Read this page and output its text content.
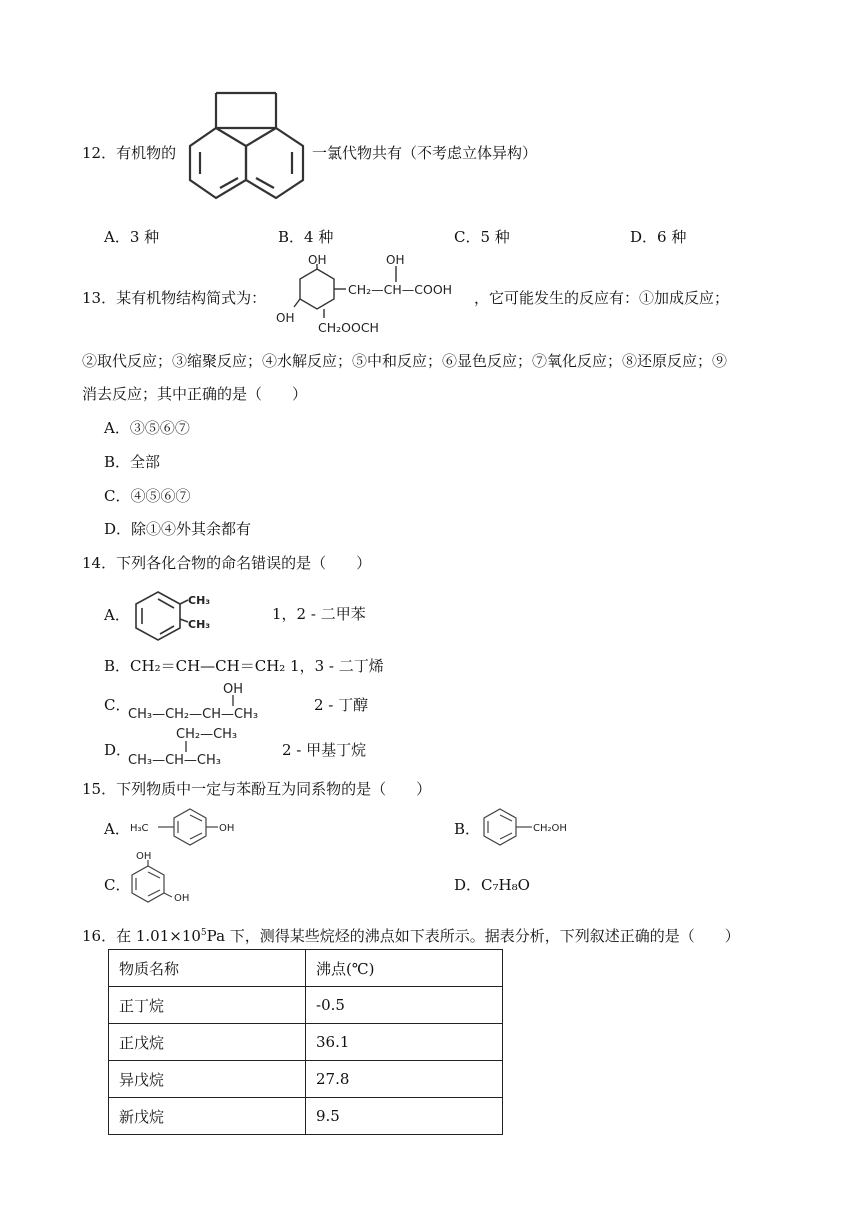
12．有机物的	一氯代物共有（不考虑立体异构）
A．3 种	B．4 种	C．5 种	D．6 种
13．某有机物结构简式为：
OH
OH
OH
CH₂—CH—COOH
CH₂OOCH
，它可能发生的反应有：①加成反应；
②取代反应；③缩聚反应；④水解反应；⑤中和反应；⑥显色反应；⑦氧化反应；⑧还原反应；⑨
消去反应；其中正确的是（　　）
A．③⑤⑥⑦
B．全部
C．④⑤⑥⑦
D．除①④外其余都有
14．下列各化合物的命名错误的是（　　）
A．
CH₃
CH₃
1，2 - 二甲苯
B．CH₂＝CH—CH＝CH₂ 1，3 - 二丁烯
C．
OH
CH₃—CH₂—CH—CH₃
2 - 丁醇
D．
CH₂—CH₃
CH₃—CH—CH₃
2 - 甲基丁烷
15．下列物质中一定与苯酚互为同系物的是（　　）
A． H₃C	OH	B．	CH₂OH
C．
OH
OH
D．C₇H₈O
16．在 $1.01\times 10^5Pa$ 下，测得某些烷烃的沸点如下表所示。据表分析，下列叙述正确的是（　　）
物质名称	沸点(℃)
正丁烷	-0.5
正戊烷	36.1
异戊烷	27.8
新戊烷	9.5
